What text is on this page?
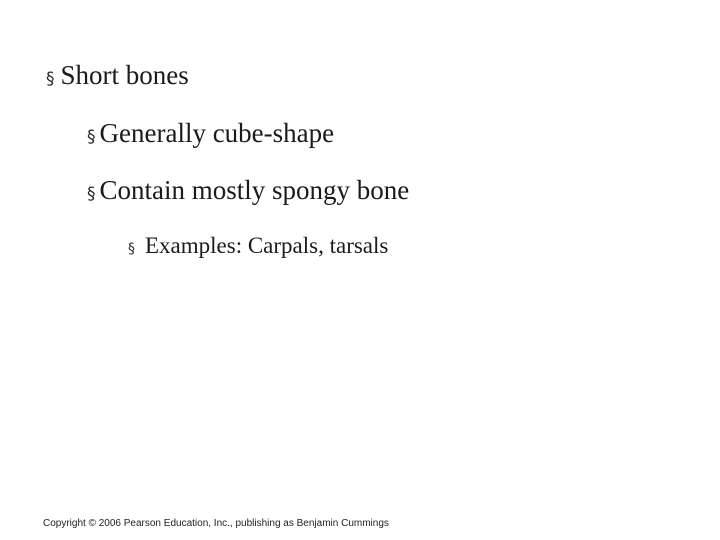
§ Short bones
§ Generally cube-shape
§ Contain mostly spongy bone
§ Examples: Carpals, tarsals
Copyright © 2006 Pearson Education, Inc., publishing as Benjamin Cummings
